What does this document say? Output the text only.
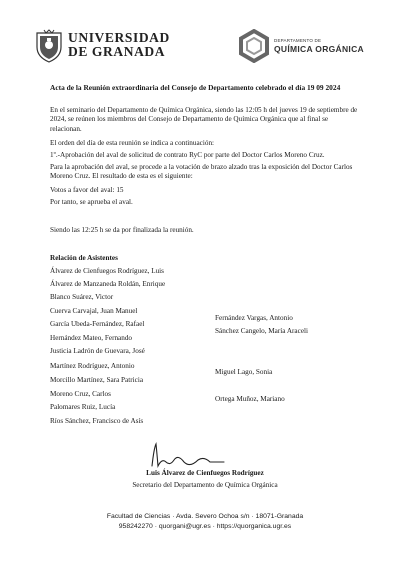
UNIVERSIDAD
DE GRANADA
DEPARTAMENTO DE
QUÍMICA ORGÁNICA
Acta de la Reunión extraordinaria del Consejo de Departamento celebrado el día 19 09 2024
En el seminario del Departamento de Química Orgánica, siendo las 12:05 h del jueves 19 de septiembre de 2024, se reúnen los miembros del Consejo de Departamento de Química Orgánica que al final se relacionan.
El orden del día de esta reunión se indica a continuación:
1º.-Aprobación del aval de solicitud de contrato RyC por parte del Doctor Carlos Moreno Cruz.
Para la aprobación del aval, se procede a la votación de brazo alzado tras la exposición del Doctor Carlos Moreno Cruz. El resultado de esta es el siguiente:
Votos a favor del aval: 15
Por tanto, se aprueba el aval.
Siendo las 12:25 h se da por finalizada la reunión.
Relación de Asistentes
Álvarez de Cienfuegos Rodríguez, Luis
Álvarez de Manzaneda Roldán, Enrique
Blanco Suárez, Victor
Cuerva Carvajal, Juan Manuel
García Ubeda-Fernández, Rafael
Hernández Mateo, Fernando
Justicia Ladrón de Guevara, José
Martínez Rodríguez, Antonio
Morcillo Martínez, Sara Patricia
Moreno Cruz, Carlos
Palomares Ruiz, Lucía
Ríos Sánchez, Francisco de Asís
Fernández Vargas, Antonio
Sánchez Cangelo, María Araceli
Miguel Lago, Sonia
Ortega Muñoz, Mariano
Luis Álvarez de Cienfuegos Rodríguez
Secretario del Departamento de Química Orgánica
Facultad de Ciencias · Avda. Severo Ochoa s/n · 18071-Granada
958242270 · quorgani@ugr.es · https://quorganica.ugr.es
